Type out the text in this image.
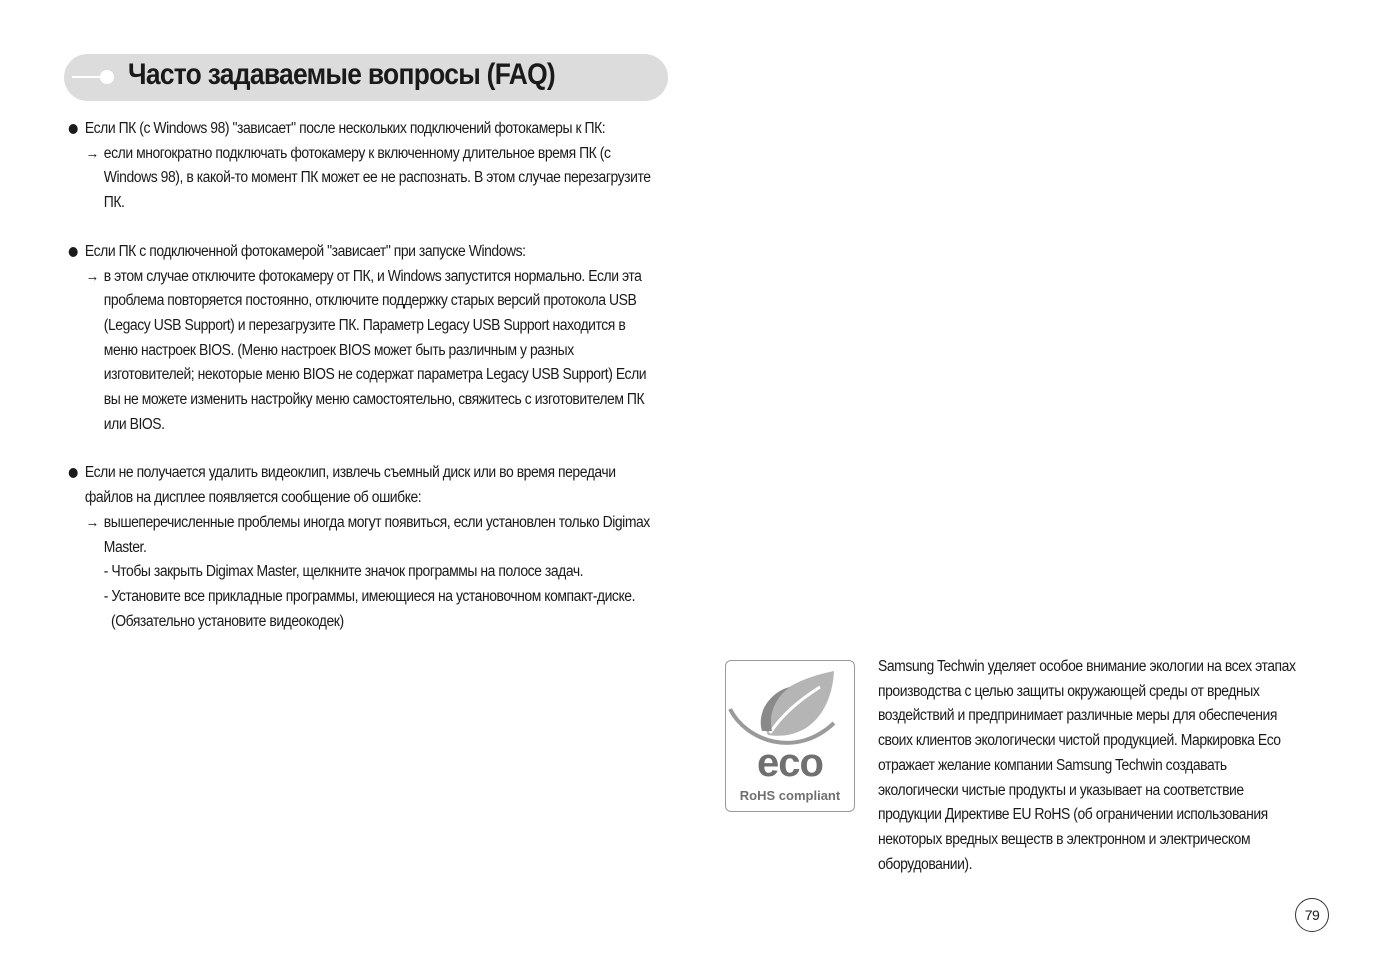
Часто задаваемые вопросы (FAQ)
Если ПК (с Windows 98) "зависает" после нескольких подключений фотокамеры к ПК:
→ если многократно подключать фотокамеру к включенному длительное время ПК (с Windows 98), в какой-то момент ПК может ее не распознать. В этом случае перезагрузите ПК.
Если ПК с подключенной фотокамерой "зависает" при запуске Windows:
→ в этом случае отключите фотокамеру от ПК, и Windows запустится нормально. Если эта проблема повторяется постоянно, отключите поддержку старых версий протокола USB (Legacy USB Support) и перезагрузите ПК. Параметр Legacy USB Support находится в меню настроек BIOS. (Меню настроек BIOS может быть различным у разных изготовителей; некоторые меню BIOS не содержат параметра Legacy USB Support) Если вы не можете изменить настройку меню самостоятельно, свяжитесь с изготовителем ПК или BIOS.
Если не получается удалить видеоклип, извлечь съемный диск или во время передачи файлов на дисплее появляется сообщение об ошибке:
→ вышеперечисленные проблемы иногда могут появиться, если установлен только Digimax Master.
- Чтобы закрыть Digimax Master, щелкните значок программы на полосе задач.
- Установите все прикладные программы, имеющиеся на установочном компакт-диске.
(Обязательно установите видеокодек)
eco
RoHS compliant
Samsung Techwin уделяет особое внимание экологии на всех этапах производства с целью защиты окружающей среды от вредных воздействий и предпринимает различные меры для обеспечения своих клиентов экологически чистой продукцией. Маркировка Eco отражает желание компании Samsung Techwin создавать экологически чистые продукты и указывает на соответствие продукции Директиве EU RoHS (об ограничении использования некоторых вредных веществ в электронном и электрическом оборудовании).
79
